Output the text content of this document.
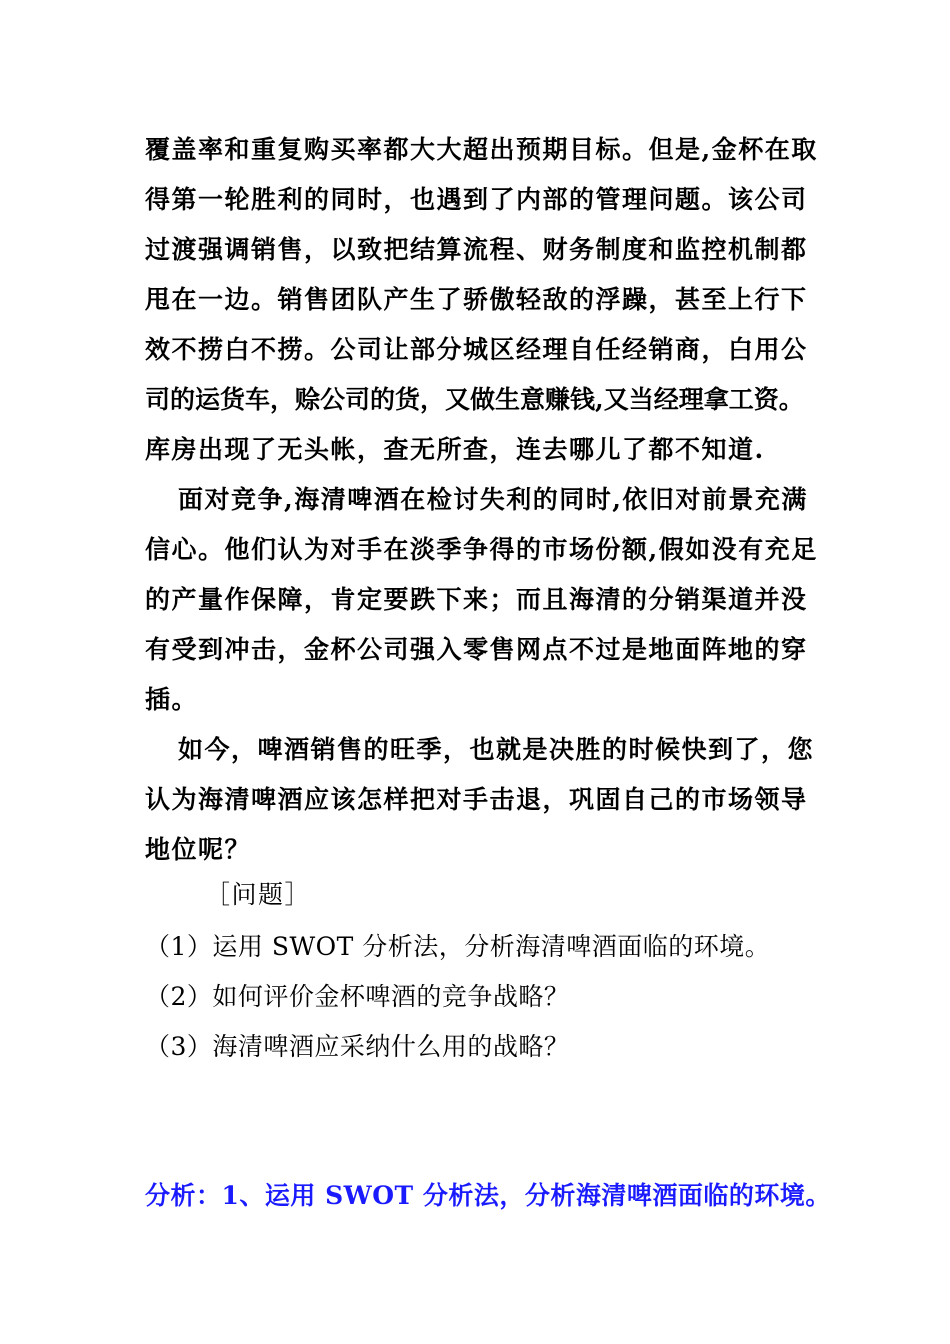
覆盖率和重复购买率都大大超出预期目标。但是,金杯在取
得第一轮胜利的同时，也遇到了内部的管理问题。该公司
过渡强调销售，以致把结算流程、财务制度和监控机制都
甩在一边。销售团队产生了骄傲轻敌的浮躁，甚至上行下
效不捞白不捞。公司让部分城区经理自任经销商，白用公
司的运货车，赊公司的货，又做生意赚钱,又当经理拿工资。
库房出现了无头帐，查无所查，连去哪儿了都不知道.
面对竞争,海清啤酒在检讨失利的同时,依旧对前景充满
信心。他们认为对手在淡季争得的市场份额,假如没有充足
的产量作保障，肯定要跌下来；而且海清的分销渠道并没
有受到冲击，金杯公司强入零售网点不过是地面阵地的穿
插。
如今，啤酒销售的旺季，也就是决胜的时候快到了，您
认为海清啤酒应该怎样把对手击退，巩固自己的市场领导
地位呢？
［问题］
（1）运用 SWOT 分析法，分析海清啤酒面临的环境。
（2）如何评价金杯啤酒的竞争战略？
（3）海清啤酒应采纳什么用的战略？
分析：1、运用 SWOT 分析法，分析海清啤酒面临的环境。
